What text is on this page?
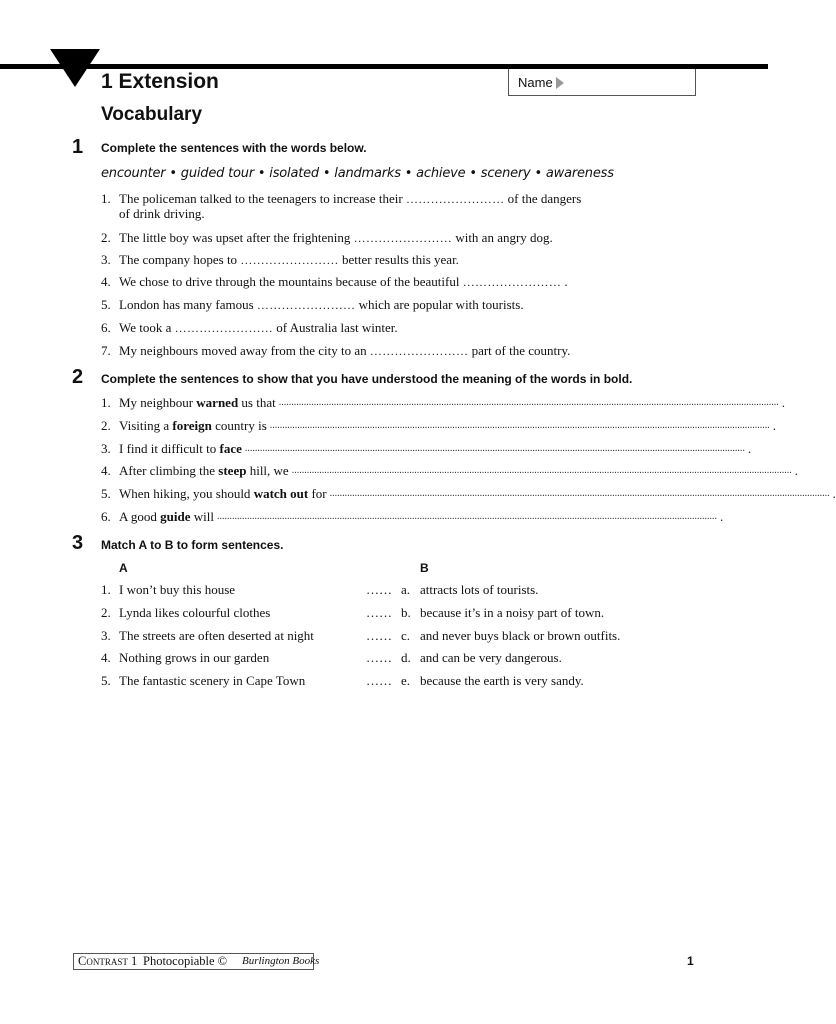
1 Extension	Name
Vocabulary
1 Complete the sentences with the words below.
encounter • guided tour • isolated • landmarks • achieve • scenery • awareness
1. The policeman talked to the teenagers to increase their …………………… of the dangers
of drink driving.
2. The little boy was upset after the frightening …………………… with an angry dog.
3. The company hopes to …………………… better results this year.
4. We chose to drive through the mountains because of the beautiful …………………… .
5. London has many famous …………………… which are popular with tourists.
6. We took a …………………… of Australia last winter.
7. My neighbours moved away from the city to an …………………… part of the country.
2 Complete the sentences to show that you have understood the meaning of the words in bold.
1. My neighbour warned us that ........................................................................................................................................................................................................ .
2. Visiting a foreign country is ........................................................................................................................................................................................................ .
3. I find it difficult to face ........................................................................................................................................................................................................ .
4. After climbing the steep hill, we ........................................................................................................................................................................................................ .
5. When hiking, you should watch out for ........................................................................................................................................................................................................ .
6. A good guide will ........................................................................................................................................................................................................ .
3 Match A to B to form sentences.
A	B
1. I won’t buy this house	…… a. attracts lots of tourists.
2. Lynda likes colourful clothes	…… b. because it’s in a noisy part of town.
3. The streets are often deserted at night	…… c. and never buys black or brown outfits.
4. Nothing grows in our garden	…… d. and can be very dangerous.
5. The fantastic scenery in Cape Town	…… e. because the earth is very sandy.
Contrast 1 Photocopiable © Burlington Books	1
